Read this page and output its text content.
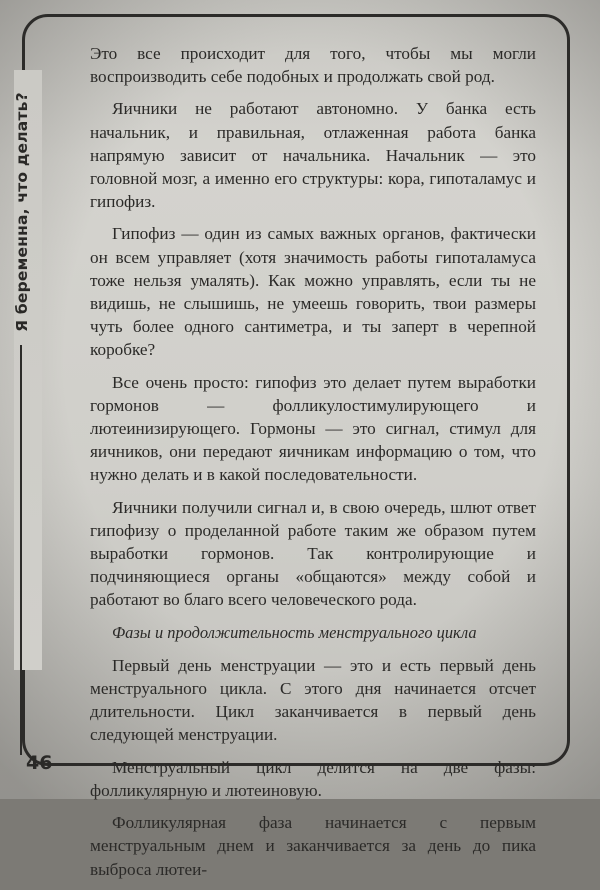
Я беременна, что делать?

Это все происходит для того, чтобы мы могли воспроизводить себе подобных и продолжать свой род.

Яичники не работают автономно. У банка есть начальник, и правильная, отлаженная работа банка напрямую зависит от начальника. Начальник — это головной мозг, а именно его структуры: кора, гипоталамус и гипофиз.

Гипофиз — один из самых важных органов, фактически он всем управляет (хотя значимость работы гипоталамуса тоже нельзя умалять). Как можно управлять, если ты не видишь, не слышишь, не умеешь говорить, твои размеры чуть более одного сантиметра, и ты заперт в черепной коробке?

Все очень просто: гипофиз это делает путем выработки гормонов — фолликулостимулирующего и лютеинизирующего. Гормоны — это сигнал, стимул для яичников, они передают яичникам информацию о том, что нужно делать и в какой последовательности.

Яичники получили сигнал и, в свою очередь, шлют ответ гипофизу о проделанной работе таким же образом путем выработки гормонов. Так контролирующие и подчиняющиеся органы «общаются» между собой и работают во благо всего человеческого рода.

Фазы и продолжительность менструального цикла

Первый день менструации — это и есть первый день менструального цикла. С этого дня начинается отсчет длительности. Цикл заканчивается в первый день следующей менструации.

Менструальный цикл делится на две фазы: фолликулярную и лютеиновую.

Фолликулярная фаза начинается с первым менструальным днем и заканчивается за день до пика выброса лютеи-

46
